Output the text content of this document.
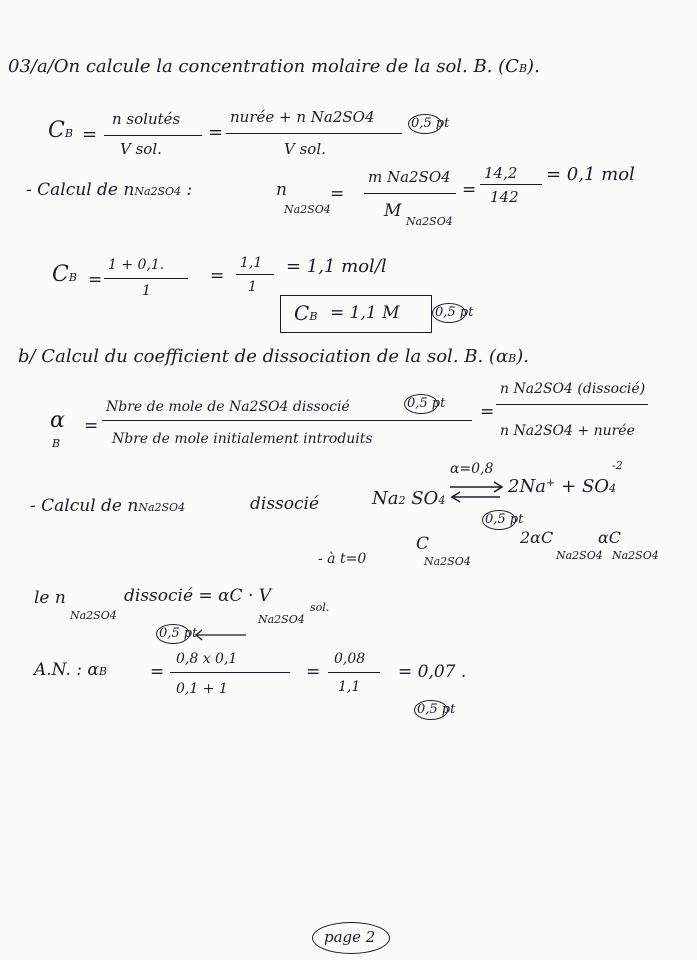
03/a/On calcule la concentration molaire de la sol. B. (CB).
CB =
n solutés
V sol.
=
nurée + n Na2SO4
V sol.
0,5 pt
- Calcul de nNa2SO4 :	n
Na2SO4
=
m Na2SO4
M
Na2SO4
=
14,2
142
= 0,1 mol
CB =
1 + 0,1.
1
=
1,1
1
= 1,1 mol/l
CB = 1,1 M	0,5 pt
b/ Calcul du coefficient de dissociation de la sol. B. (αB).
α
B
=
Nbre de mole de Na2SO4 dissocié
Nbre de mole initialement introduits
0,5 pt =
n Na2SO4 (dissocié)
n Na2SO4 + nurée
- Calcul de nNa2SO4	dissocié	Na2 SO4
α=0,8
⇌ 2Na⁺ + SO4
-2
0,5 pt
- à t=0
C
Na2SO4
2αC
Na2SO4
αC
Na2SO4
le n
Na2SO4
dissocié = αC · V
sol.
Na2SO4
0,5 pt
A.N. : αB	=
0,8 x 0,1
0,1 + 1
=
0,08
1,1
= 0,07 .
0,5 pt
page 2
